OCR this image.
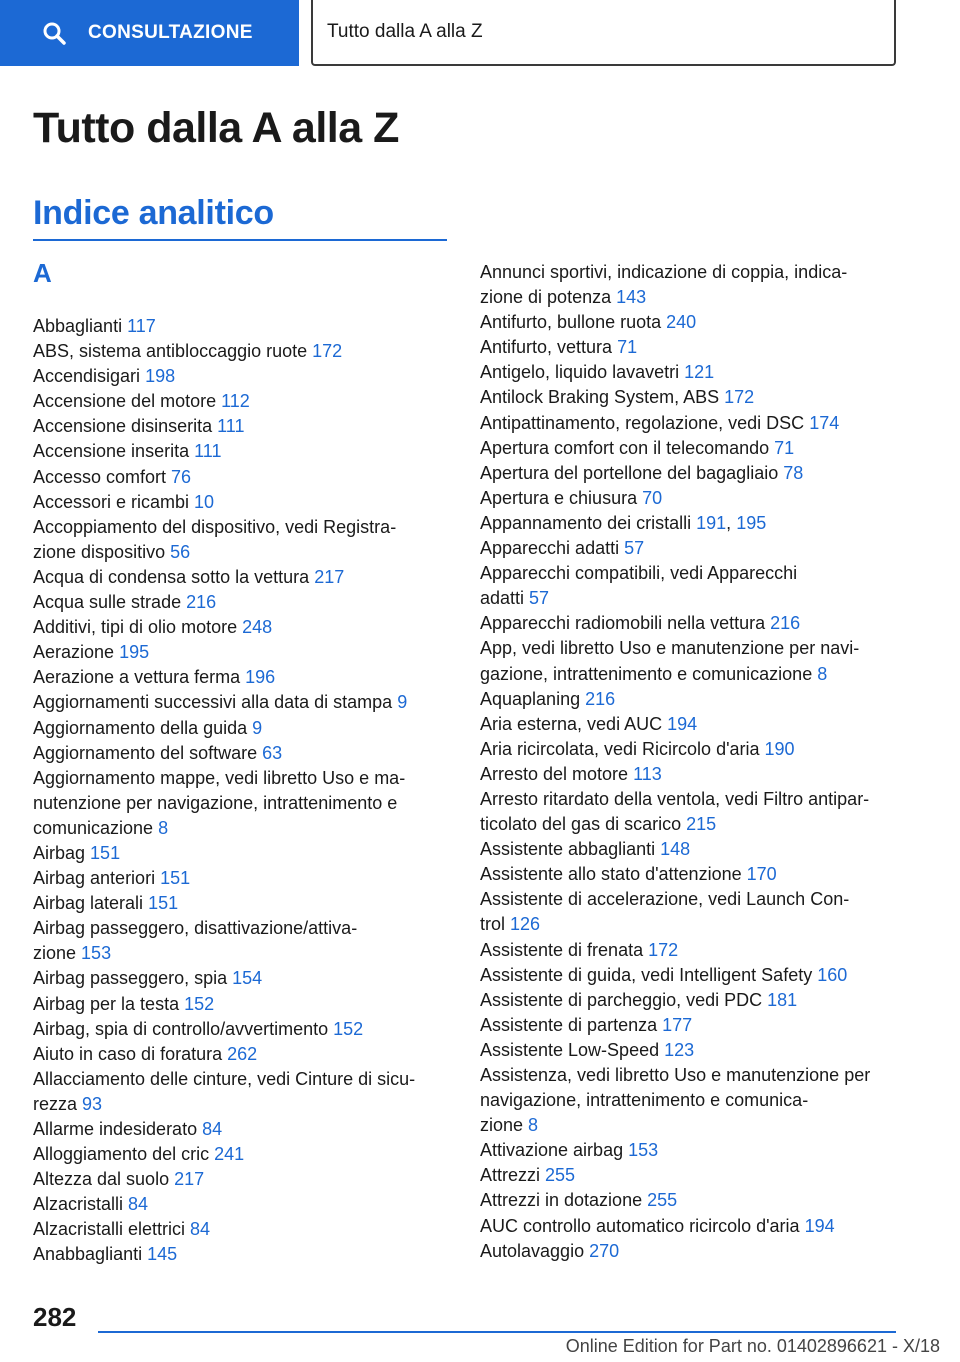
CONSULTAZIONE	Tutto dalla A alla Z
Tutto dalla A alla Z
Indice analitico
A
Abbaglianti 117
ABS, sistema antibloccaggio ruote 172
Accendisigari 198
Accensione del motore 112
Accensione disinserita 111
Accensione inserita 111
Accesso comfort 76
Accessori e ricambi 10
Accoppiamento del dispositivo, vedi Registra-
zione dispositivo 56
Acqua di condensa sotto la vettura 217
Acqua sulle strade 216
Additivi, tipi di olio motore 248
Aerazione 195
Aerazione a vettura ferma 196
Aggiornamenti successivi alla data di stampa 9
Aggiornamento della guida 9
Aggiornamento del software 63
Aggiornamento mappe, vedi libretto Uso e ma-
nutenzione per navigazione, intrattenimento e
comunicazione 8
Airbag 151
Airbag anteriori 151
Airbag laterali 151
Airbag passeggero, disattivazione/attiva-
zione 153
Airbag passeggero, spia 154
Airbag per la testa 152
Airbag, spia di controllo/avvertimento 152
Aiuto in caso di foratura 262
Allacciamento delle cinture, vedi Cinture di sicu-
rezza 93
Allarme indesiderato 84
Alloggiamento del cric 241
Altezza dal suolo 217
Alzacristalli 84
Alzacristalli elettrici 84
Anabbaglianti 145
Annunci sportivi, indicazione di coppia, indica-
zione di potenza 143
Antifurto, bullone ruota 240
Antifurto, vettura 71
Antigelo, liquido lavavetri 121
Antilock Braking System, ABS 172
Antipattinamento, regolazione, vedi DSC 174
Apertura comfort con il telecomando 71
Apertura del portellone del bagagliaio 78
Apertura e chiusura 70
Appannamento dei cristalli 191, 195
Apparecchi adatti 57
Apparecchi compatibili, vedi Apparecchi
adatti 57
Apparecchi radiomobili nella vettura 216
App, vedi libretto Uso e manutenzione per navi-
gazione, intrattenimento e comunicazione 8
Aquaplaning 216
Aria esterna, vedi AUC 194
Aria ricircolata, vedi Ricircolo d'aria 190
Arresto del motore 113
Arresto ritardato della ventola, vedi Filtro antipar-
ticolato del gas di scarico 215
Assistente abbaglianti 148
Assistente allo stato d'attenzione 170
Assistente di accelerazione, vedi Launch Con-
trol 126
Assistente di frenata 172
Assistente di guida, vedi Intelligent Safety 160
Assistente di parcheggio, vedi PDC 181
Assistente di partenza 177
Assistente Low-Speed 123
Assistenza, vedi libretto Uso e manutenzione per
navigazione, intrattenimento e comunica-
zione 8
Attivazione airbag 153
Attrezzi 255
Attrezzi in dotazione 255
AUC controllo automatico ricircolo d'aria 194
Autolavaggio 270
282
Online Edition for Part no. 01402896621 - X/18
